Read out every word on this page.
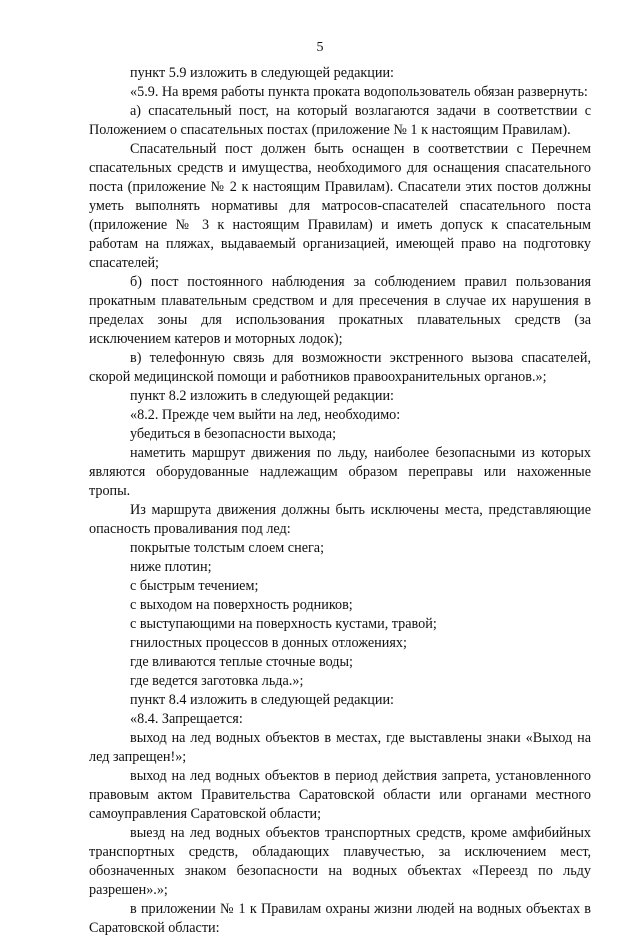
5

пункт 5.9 изложить в следующей редакции:

«5.9. На время работы пункта проката водопользователь обязан развернуть:

а) спасательный пост, на который возлагаются задачи в соответствии с Положением о спасательных постах (приложение № 1 к настоящим Правилам).

Спасательный пост должен быть оснащен в соответствии с Перечнем спасательных средств и имущества, необходимого для оснащения спасательного поста (приложение № 2 к настоящим Правилам). Спасатели этих постов должны уметь выполнять нормативы для матросов-спасателей спасательного поста (приложение № 3 к настоящим Правилам) и иметь допуск к спасательным работам на пляжах, выдаваемый организацией, имеющей право на подготовку спасателей;

б) пост постоянного наблюдения за соблюдением правил пользования прокатным плавательным средством и для пресечения в случае их нарушения в пределах зоны для использования прокатных плавательных средств (за исключением катеров и моторных лодок);

в) телефонную связь для возможности экстренного вызова спасателей, скорой медицинской помощи и работников правоохранительных органов.»;

пункт 8.2 изложить в следующей редакции:

«8.2. Прежде чем выйти на лед, необходимо:

убедиться в безопасности выхода;

наметить маршрут движения по льду, наиболее безопасными из которых являются оборудованные надлежащим образом переправы или нахоженные тропы.

Из маршрута движения должны быть исключены места, представляющие опасность проваливания под лед:

покрытые толстым слоем снега;

ниже плотин;

с быстрым течением;

с выходом на поверхность родников;

с выступающими на поверхность кустами, травой;

гнилостных процессов в донных отложениях;

где вливаются теплые сточные воды;

где ведется заготовка льда.»;

пункт 8.4 изложить в следующей редакции:

«8.4. Запрещается:

выход на лед водных объектов в местах, где выставлены знаки «Выход на лед запрещен!»;

выход на лед водных объектов в период действия запрета, установленного правовым актом Правительства Саратовской области или органами местного самоуправления Саратовской области;

выезд на лед водных объектов транспортных средств, кроме амфибийных транспортных средств, обладающих плавучестью, за исключением мест, обозначенных знаком безопасности на водных объектах «Переезд по льду разрешен».»;

в приложении № 1 к Правилам охраны жизни людей на водных объектах в Саратовской области:
